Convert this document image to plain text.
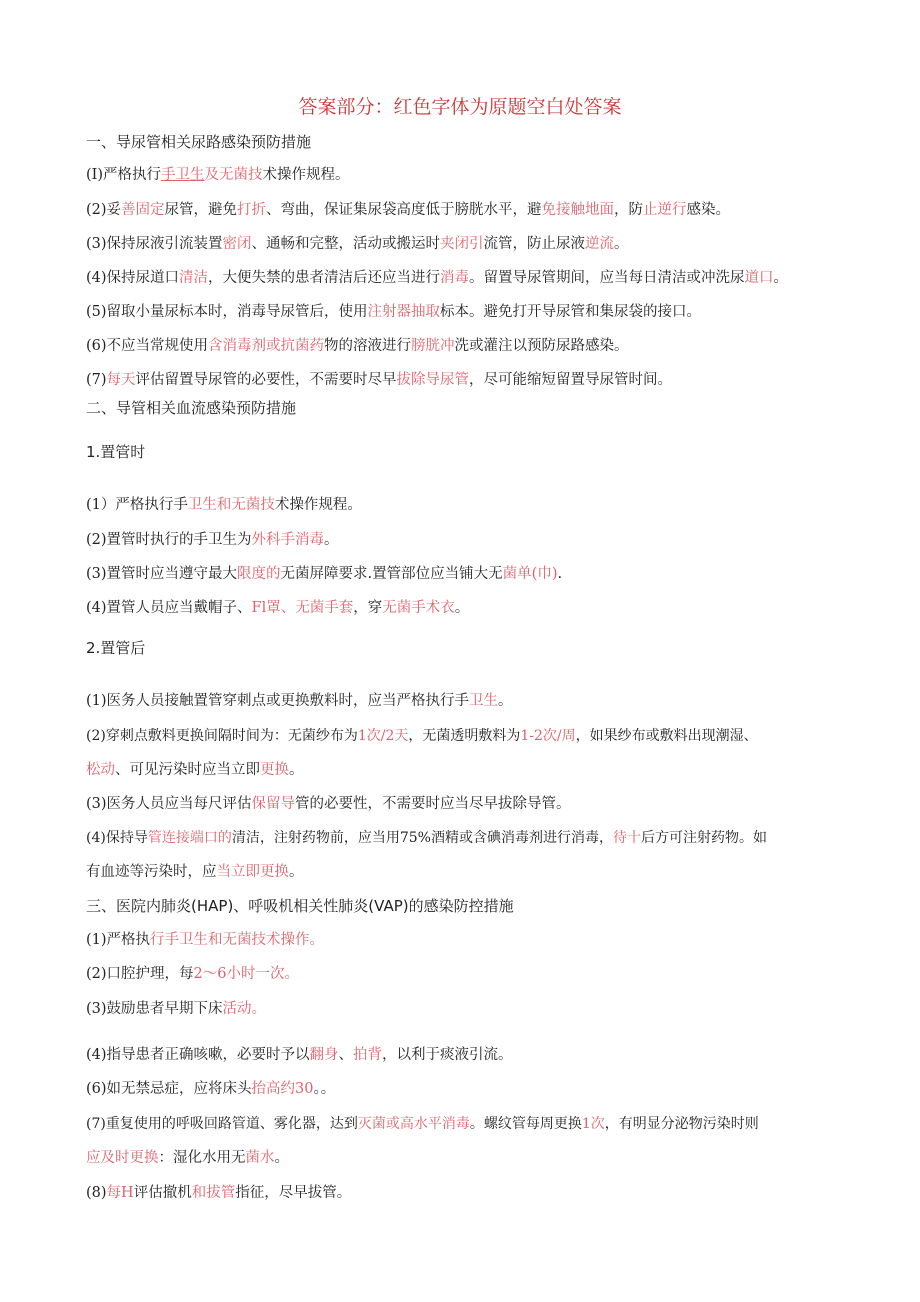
答案部分：红色字体为原题空白处答案
一、导尿管相关尿路感染预防措施
(I)严格执行手卫生及无菌技术操作规程。
(2)妥善固定尿管，避免打折、弯曲，保证集尿袋高度低于膀胱水平，避免接触地面，防止逆行感染。
(3)保持尿液引流装置密闭、通畅和完整，活动或搬运时夹闭引流管，防止尿液逆流。
(4)保持尿道口清洁，大便失禁的患者清洁后还应当进行消毒。留置导尿管期间，应当每日清洁或冲洗尿道口。
(5)留取小量尿标本时，消毒导尿管后，使用注射器抽取标本。避免打开导尿管和集尿袋的接口。
(6)不应当常规使用含消毒剂或抗菌药物的溶液进行膀胱冲洗或灌注以预防尿路感染。
(7)每天评估留置导尿管的必要性，不需要时尽早拔除导尿管，尽可能缩短留置导尿管时间。
二、导管相关血流感染预防措施
1.置管时
(1）严格执行手卫生和无菌技术操作规程。
(2)置管时执行的手卫生为外科手消毒。
(3)置管时应当遵守最大限度的无菌屏障要求.置管部位应当铺大无菌单(巾).
(4)置管人员应当戴帽子、Fl罩、无菌手套，穿无菌手术衣。
2.置管后
(1)医务人员接触置管穿刺点或更换敷料时，应当严格执行手卫生。
(2)穿刺点敷料更换间隔时间为：无菌纱布为1次/2天，无菌透明敷料为1-2次/周，如果纱布或敷料出现潮湿、
松动、可见污染时应当立即更换。
(3)医务人员应当每尺评估保留导管的必要性，不需要时应当尽早拔除导管。
(4)保持导管连接端口的清洁，注射药物前，应当用75%酒精或含碘消毒剂进行消毒，待十后方可注射药物。如
有血迹等污染时，应当立即更换。
三、医院内肺炎(HAP)、呼吸机相关性肺炎(VAP)的感染防控措施
(1)严格执行手卫生和无菌技术操作。
(2)口腔护理，每2～6小时一次。
(3)鼓励患者早期下床活动。
(4)指导患者正确咳嗽，必要时予以翻身、拍背，以利于痰液引流。
(6)如无禁忌症，应将床头抬高约30。。
(7)重复使用的呼吸回路管道、雾化器，达到灭菌或高水平消毒。螺纹管每周更换1次，有明显分泌物污染时则
应及时更换：湿化水用无菌水。
(8)每H评估撤机和拔管指征，尽早拔管。
